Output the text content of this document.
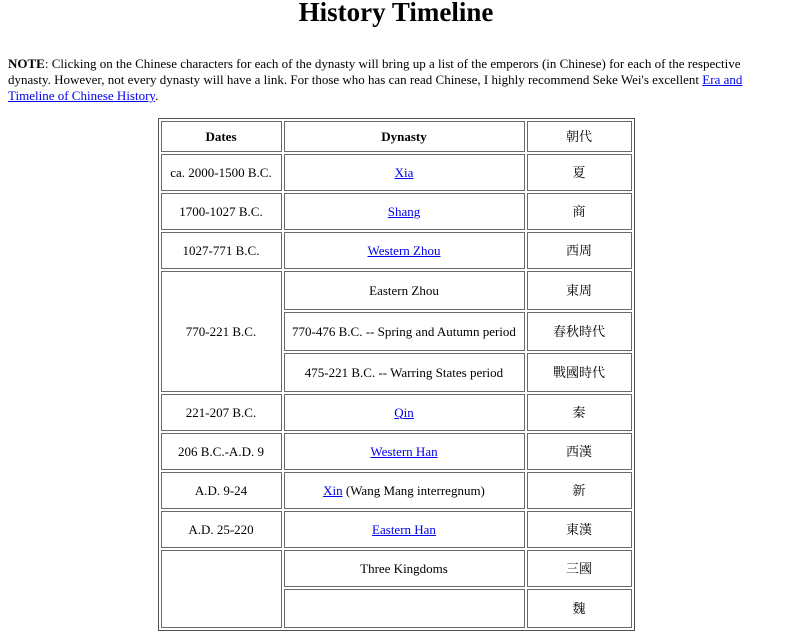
History Timeline

NOTE: Clicking on the Chinese characters for each of the dynasty will bring up a list of the emperors (in Chinese) for each of the respective dynasty. However, not every dynasty will have a link. For those who has can read Chinese, I highly recommend Seke Wei's excellent Era and Timeline of Chinese History.

Dates	Dynasty	朝代
ca. 2000-1500 B.C.	Xia	夏
1700-1027 B.C.	Shang	商
1027-771 B.C.	Western Zhou	西周
770-221 B.C.	Eastern Zhou	東周
	770-476 B.C. -- Spring and Autumn period	春秋時代
	475-221 B.C. -- Warring States period	戰國時代
221-207 B.C.	Qin	秦
206 B.C.-A.D. 9	Western Han	西漢
A.D. 9-24	Xin (Wang Mang interregnum)	新
A.D. 25-220	Eastern Han	東漢
	Three Kingdoms	三國
		魏
